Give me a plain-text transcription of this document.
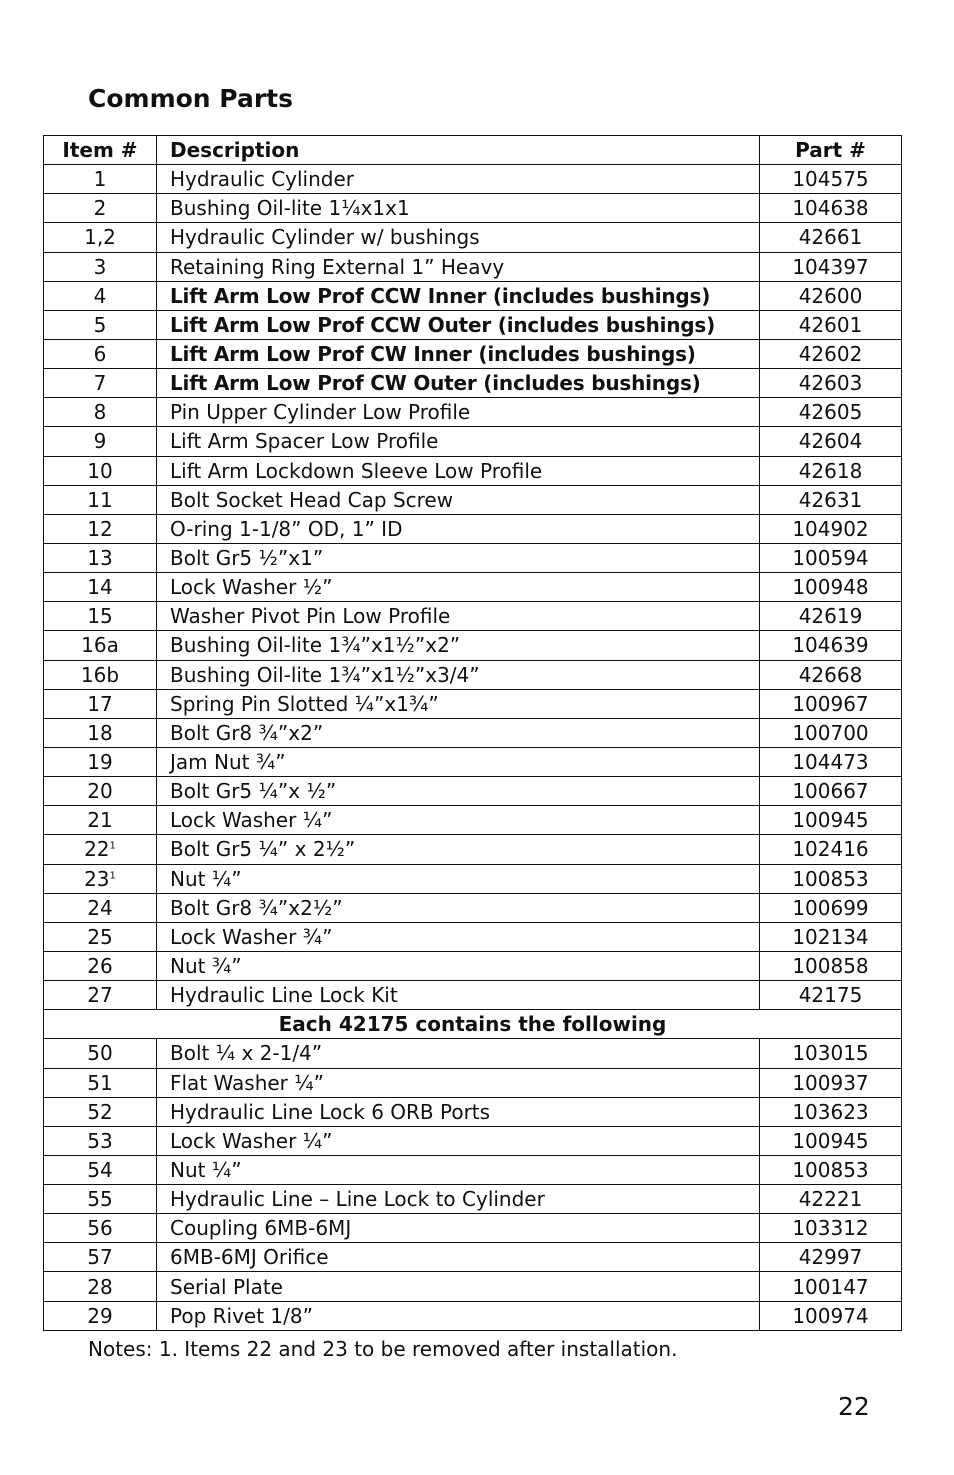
Common Parts
Item #	Description	Part #
1	Hydraulic Cylinder	104575
2	Bushing Oil-lite 1¼x1x1	104638
1,2	Hydraulic Cylinder w/ bushings	42661
3	Retaining Ring External 1” Heavy	104397
4	Lift Arm Low Prof CCW Inner (includes bushings)	42600
5	Lift Arm Low Prof CCW Outer (includes bushings)	42601
6	Lift Arm Low Prof CW Inner (includes bushings)	42602
7	Lift Arm Low Prof CW Outer (includes bushings)	42603
8	Pin Upper Cylinder Low Profile	42605
9	Lift Arm Spacer Low Profile	42604
10	Lift Arm Lockdown Sleeve Low Profile	42618
11	Bolt Socket Head Cap Screw	42631
12	O-ring 1-1/8” OD, 1” ID	104902
13	Bolt Gr5 ½”x1”	100594
14	Lock Washer ½”	100948
15	Washer Pivot Pin Low Profile	42619
16a	Bushing Oil-lite 1¾”x1½”x2”	104639
16b	Bushing Oil-lite 1¾”x1½”x3/4”	42668
17	Spring Pin Slotted ¼”x1¾”	100967
18	Bolt Gr8 ¾”x2”	100700
19	Jam Nut ¾”	104473
20	Bolt Gr5 ¼”x ½”	100667
21	Lock Washer ¼”	100945
$22^1$	Bolt Gr5 ¼” x 2½”	102416
$23^1$	Nut ¼”	100853
24	Bolt Gr8 ¾”x2½”	100699
25	Lock Washer ¾”	102134
26	Nut ¾”	100858
27	Hydraulic Line Lock Kit	42175
Each 42175 contains the following		
50	Bolt ¼ x 2-1/4”	103015
51	Flat Washer ¼”	100937
52	Hydraulic Line Lock 6 ORB Ports	103623
53	Lock Washer ¼”	100945
54	Nut ¼”	100853
55	Hydraulic Line – Line Lock to Cylinder	42221
56	Coupling 6MB-6MJ	103312
57	6MB-6MJ Orifice	42997
28	Serial Plate	100147
29	Pop Rivet 1/8”	100974
Notes: 1. Items 22 and 23 to be removed after installation.
22
